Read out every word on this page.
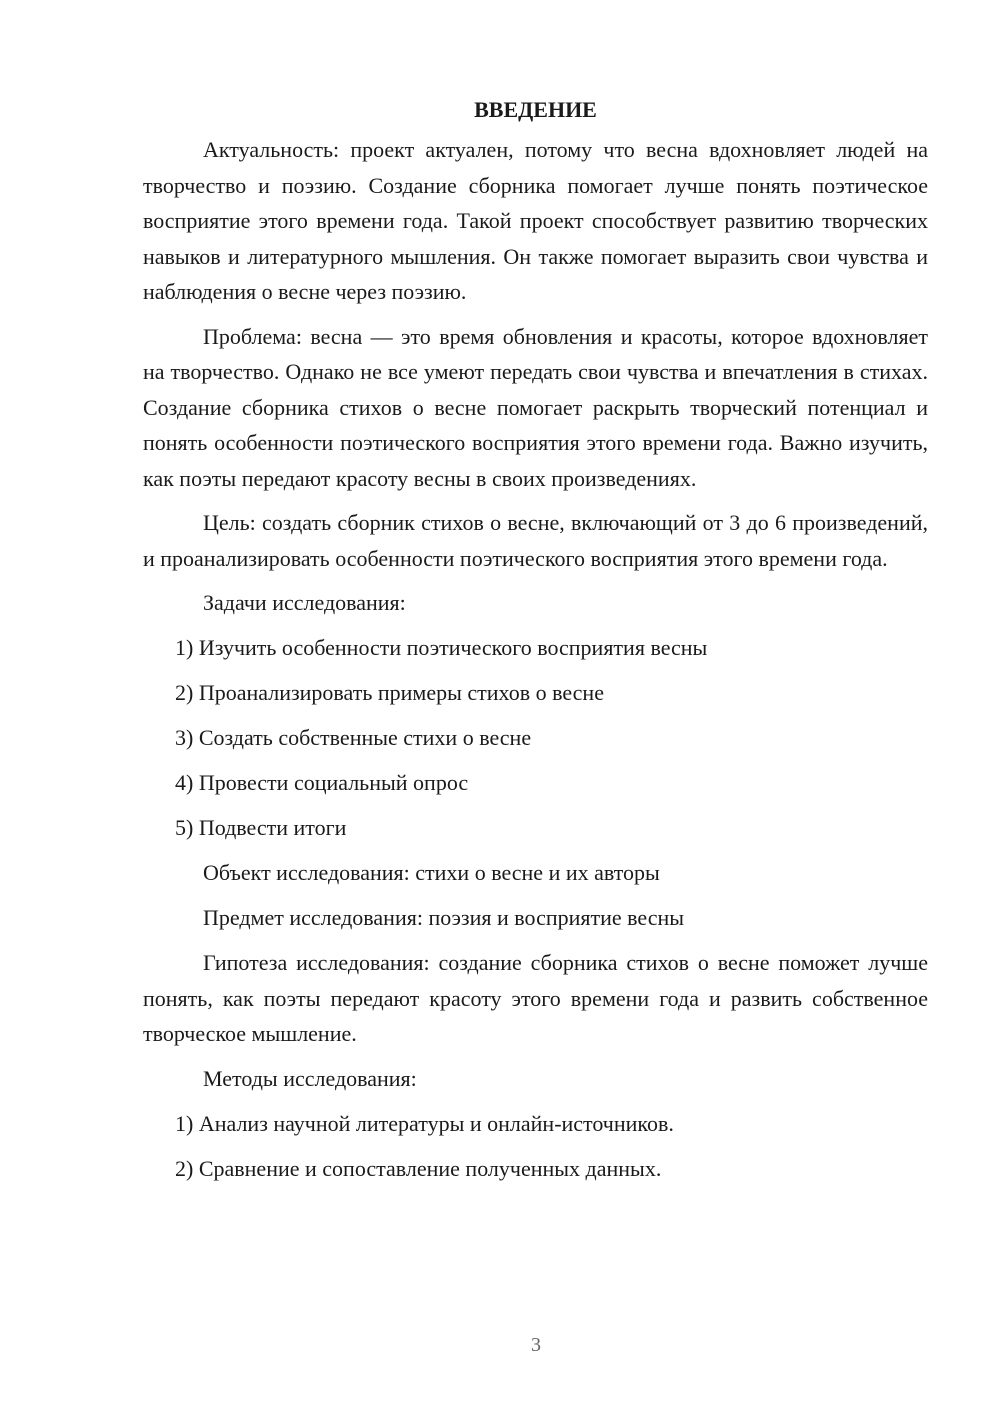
ВВЕДЕНИЕ

Актуальность: проект актуален, потому что весна вдохновляет людей на творчество и поэзию. Создание сборника помогает лучше понять поэтическое восприятие этого времени года. Такой проект способствует развитию творческих навыков и литературного мышления. Он также помогает выразить свои чувства и наблюдения о весне через поэзию.

Проблема: весна — это время обновления и красоты, которое вдохновляет на творчество. Однако не все умеют передать свои чувства и впечатления в стихах. Создание сборника стихов о весне помогает раскрыть творческий потенциал и понять особенности поэтического восприятия этого времени года. Важно изучить, как поэты передают красоту весны в своих произведениях.

Цель: создать сборник стихов о весне, включающий от 3 до 6 произведений, и проанализировать особенности поэтического восприятия этого времени года.

Задачи исследования:
1) Изучить особенности поэтического восприятия весны
2) Проанализировать примеры стихов о весне
3) Создать собственные стихи о весне
4) Провести социальный опрос
5) Подвести итоги
Объект исследования: стихи о весне и их авторы
Предмет исследования: поэзия и восприятие весны

Гипотеза исследования: создание сборника стихов о весне поможет лучше понять, как поэты передают красоту этого времени года и развить собственное творческое мышление.

Методы исследования:
1) Анализ научной литературы и онлайн-источников.
2) Сравнение и сопоставление полученных данных.
3
